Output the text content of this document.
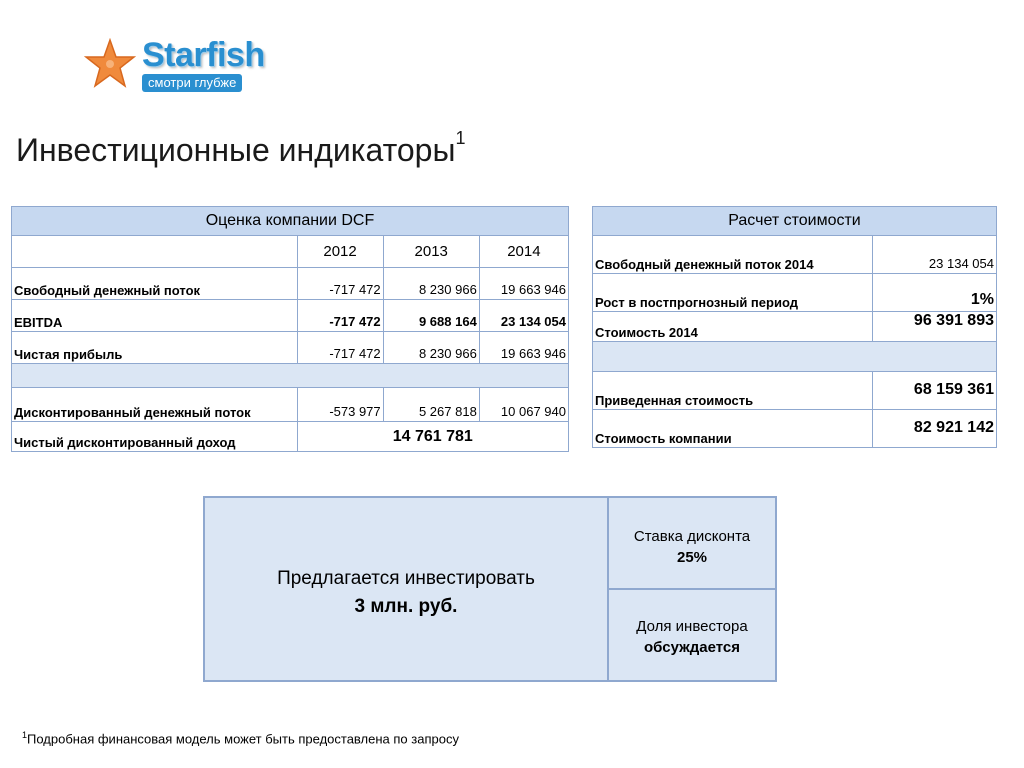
Starfish
смотри глубже
Инвестиционные индикаторы$^1$
Оценка компании DCF			
	2012	2013	2014
Свободный денежный поток	-717 472	8 230 966	19 663 946
EBITDA	-717 472	9 688 164	23 134 054
Чистая прибыль	-717 472	8 230 966	19 663 946

Дисконтированный денежный поток	-573 977	5 267 818	10 067 940
Чистый дисконтированный доход	14 761 781		
Расчет стоимости	
Свободный денежный поток 2014	23 134 054
Рост в постпрогнозный период	1%
Стоимость 2014	96 391 893

Приведенная стоимость	68 159 361
Стоимость компании	82 921 142
Предлагается инвестировать
3 млн. руб.
Ставка дисконта
25%
Доля инвестора
обсуждается
$^1$Подробная финансовая модель может быть предоставлена по запросу
